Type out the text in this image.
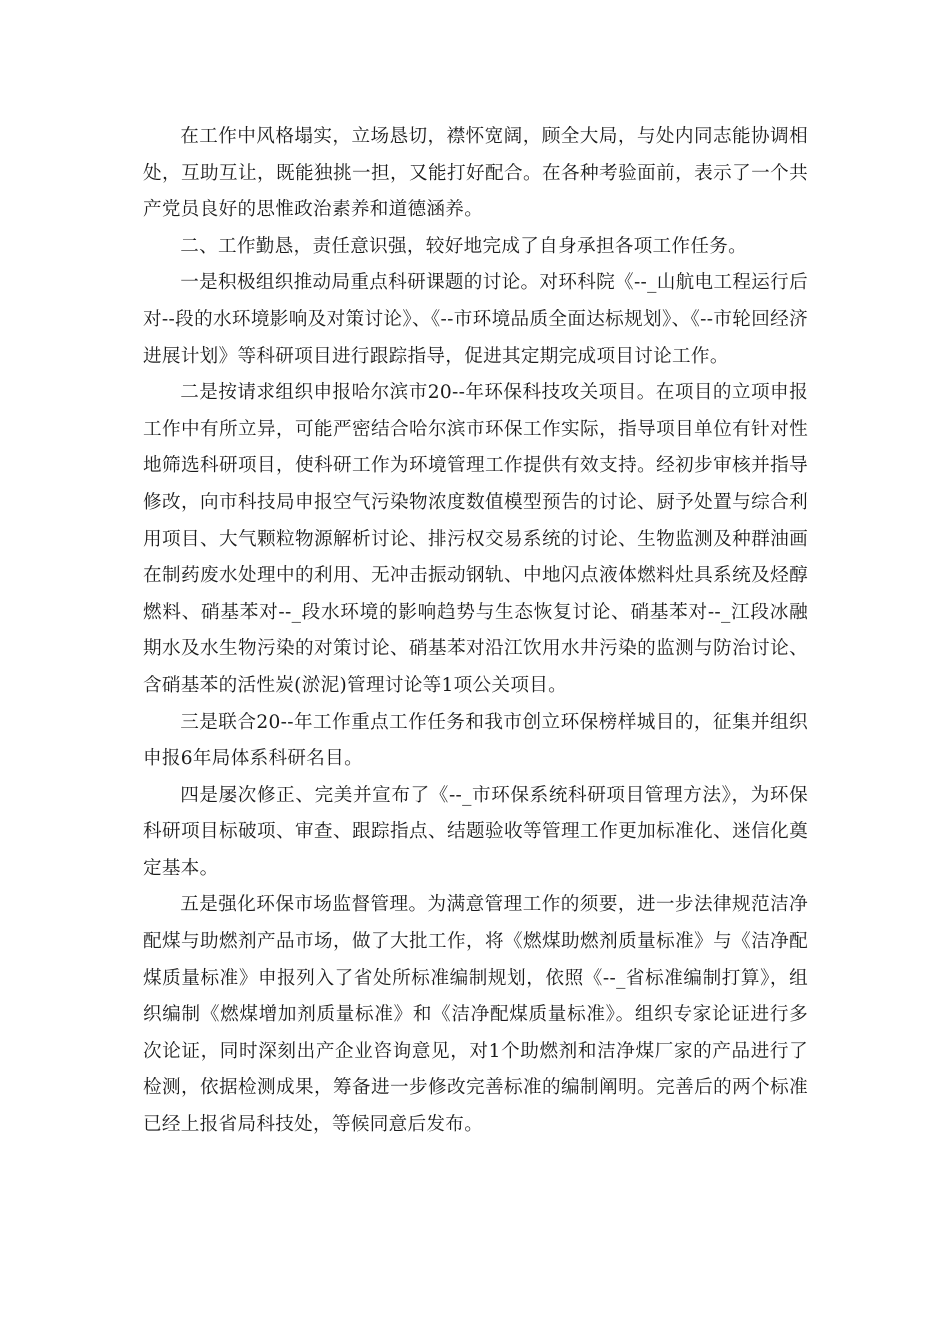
在工作中风格塌实，立场恳切，襟怀宽阔，顾全大局，与处内同志能协调相处，互助互让，既能独挑一担，又能打好配合。在各种考验面前，表示了一个共产党员良好的思惟政治素养和道德涵养。

二、工作勤恳，责任意识强，较好地完成了自身承担各项工作任务。

一是积极组织推动局重点科研课题的讨论。对环科院《--_山航电工程运行后对--段的水环境影响及对策讨论》、《--市环境品质全面达标规划》、《--市轮回经济进展计划》等科研项目进行跟踪指导，促进其定期完成项目讨论工作。

二是按请求组织申报哈尔滨市20--年环保科技攻关项目。在项目的立项申报工作中有所立异，可能严密结合哈尔滨市环保工作实际，指导项目单位有针对性地筛选科研项目，使科研工作为环境管理工作提供有效支持。经初步审核并指导修改，向市科技局申报空气污染物浓度数值模型预告的讨论、厨予处置与综合利用项目、大气颗粒物源解析讨论、排污权交易系统的讨论、生物监测及种群油画在制药废水处理中的利用、无冲击振动钢轨、中地闪点液体燃料灶具系统及烃醇燃料、硝基苯对--_段水环境的影响趋势与生态恢复讨论、硝基苯对--_江段冰融期水及水生物污染的对策讨论、硝基苯对沿江饮用水井污染的监测与防治讨论、含硝基苯的活性炭(淤泥)管理讨论等1项公关项目。

三是联合20--年工作重点工作任务和我市创立环保榜样城目的，征集并组织申报6年局体系科研名目。

四是屡次修正、完美并宣布了《--_市环保系统科研项目管理方法》，为环保科研项目标破项、审查、跟踪指点、结题验收等管理工作更加标准化、迷信化奠定基本。

五是强化环保市场监督管理。为满意管理工作的须要，进一步法律规范洁净配煤与助燃剂产品市场，做了大批工作，将《燃煤助燃剂质量标准》与《洁净配煤质量标准》申报列入了省处所标准编制规划，依照《--_省标准编制打算》，组织编制《燃煤增加剂质量标准》和《洁净配煤质量标准》。组织专家论证进行多次论证，同时深刻出产企业咨询意见，对1个助燃剂和洁净煤厂家的产品进行了检测，依据检测成果，筹备进一步修改完善标准的编制阐明。完善后的两个标准已经上报省局科技处，等候同意后发布。
